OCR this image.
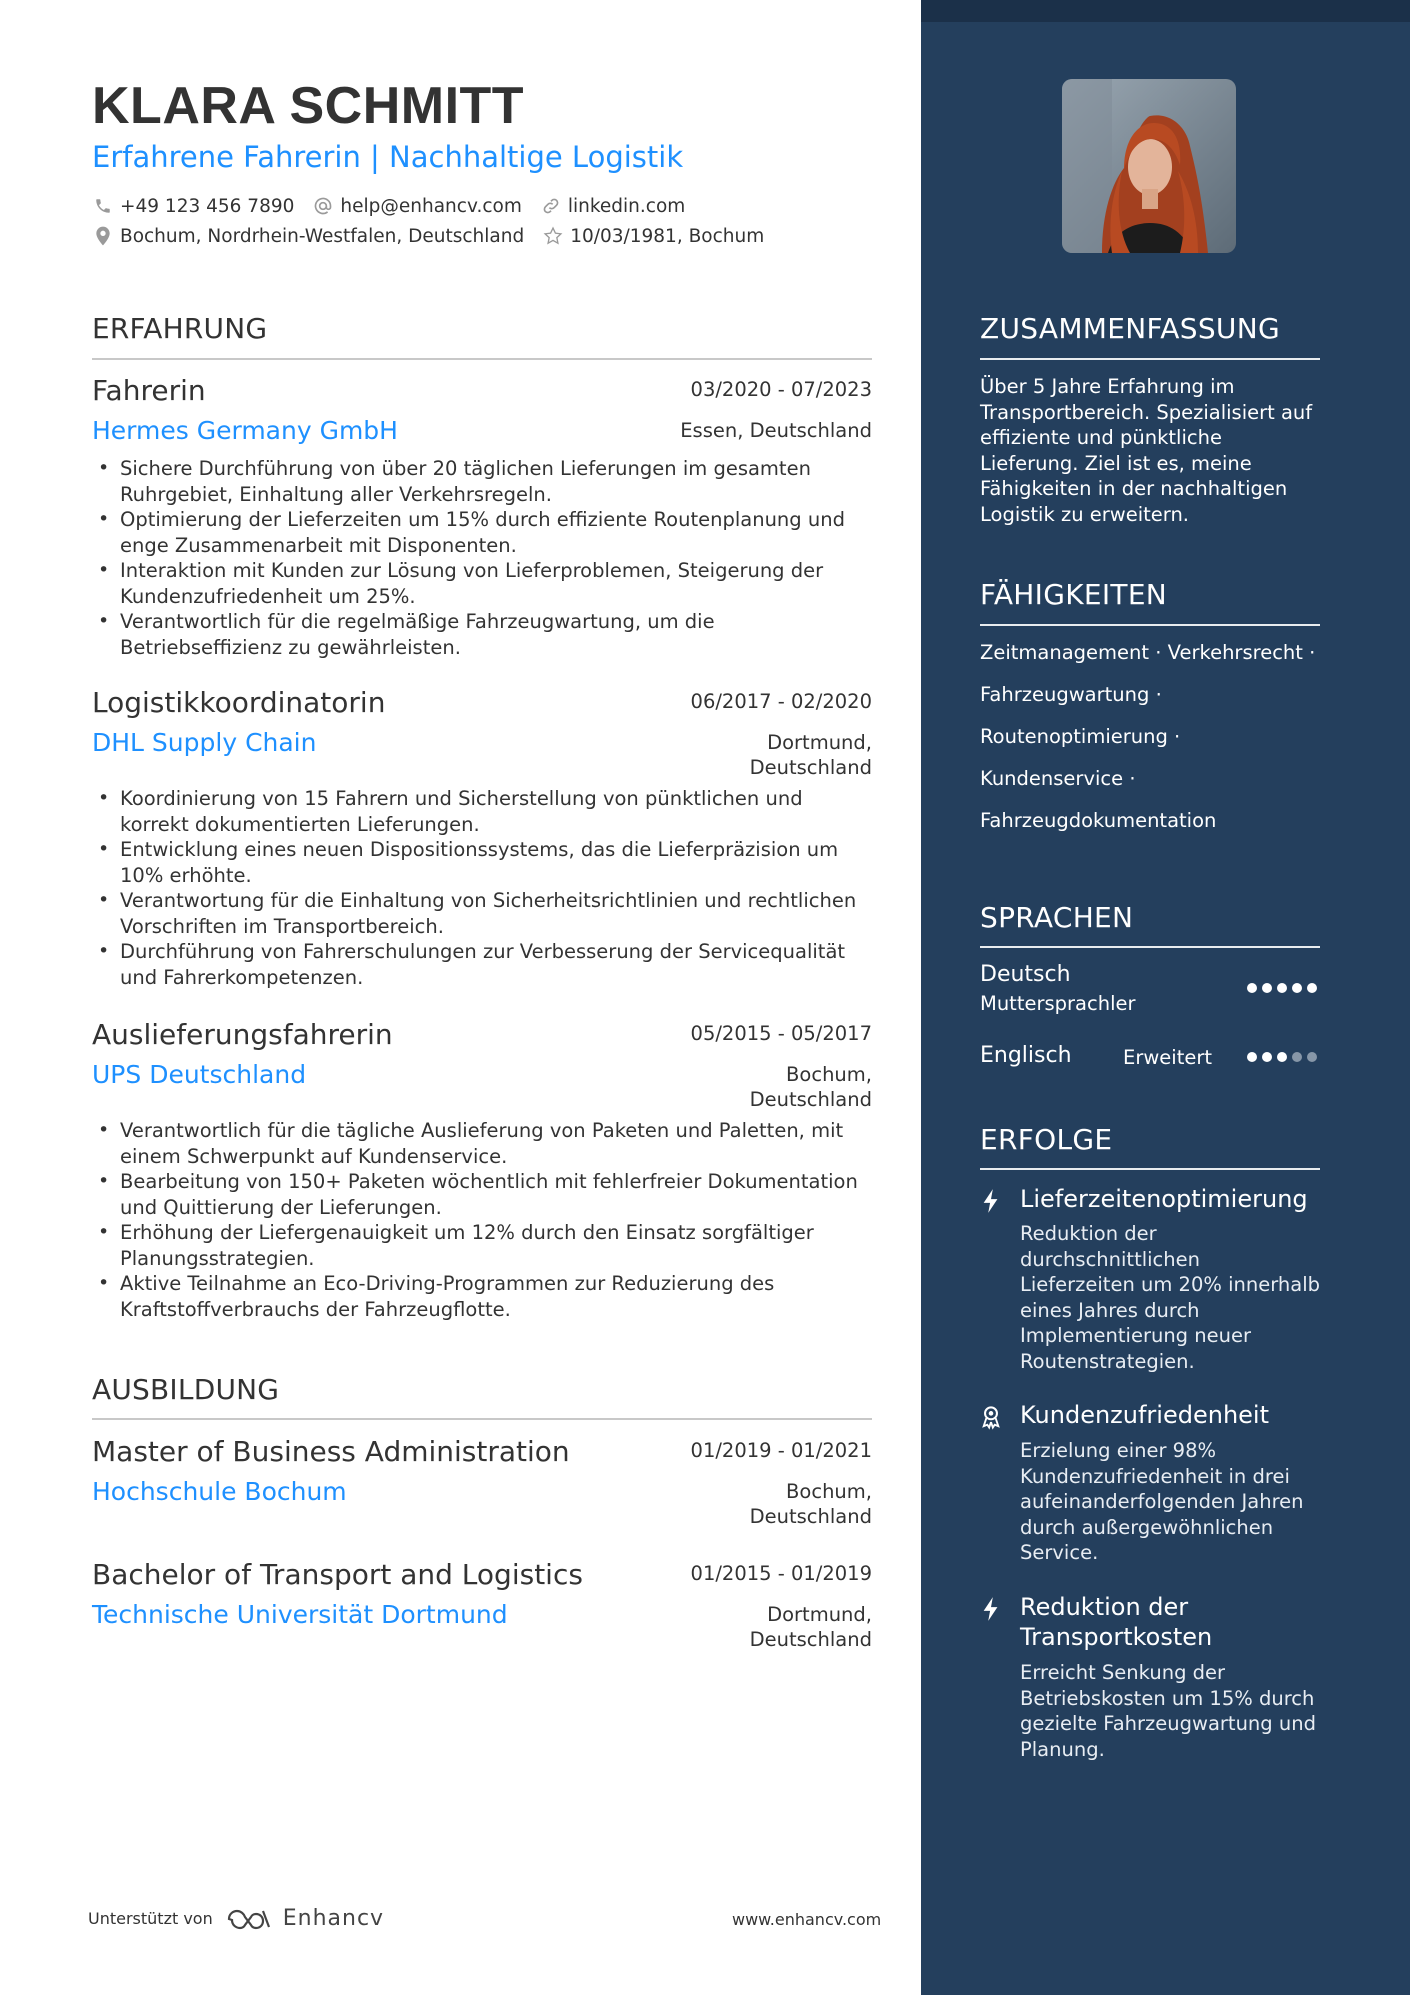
KLARA SCHMITT
Erfahrene Fahrerin | Nachhaltige Logistik
+49 123 456 7890 help@enhancv.com linkedin.com
Bochum, Nordrhein-Westfalen, Deutschland 10/03/1981, Bochum
ERFAHRUNG
Fahrerin	03/2020 - 07/2023
Hermes Germany GmbH	Essen, Deutschland
• Sichere Durchführung von über 20 täglichen Lieferungen im gesamten Ruhrgebiet, Einhaltung aller Verkehrsregeln.
• Optimierung der Lieferzeiten um 15% durch effiziente Routenplanung und enge Zusammenarbeit mit Disponenten.
• Interaktion mit Kunden zur Lösung von Lieferproblemen, Steigerung der Kundenzufriedenheit um 25%.
• Verantwortlich für die regelmäßige Fahrzeugwartung, um die Betriebseffizienz zu gewährleisten.
Logistikkoordinatorin	06/2017 - 02/2020
DHL Supply Chain	Dortmund,
Deutschland
• Koordinierung von 15 Fahrern und Sicherstellung von pünktlichen und korrekt dokumentierten Lieferungen.
• Entwicklung eines neuen Dispositionssystems, das die Lieferpräzision um 10% erhöhte.
• Verantwortung für die Einhaltung von Sicherheitsrichtlinien und rechtlichen Vorschriften im Transportbereich.
• Durchführung von Fahrerschulungen zur Verbesserung der Servicequalität und Fahrerkompetenzen.
Auslieferungsfahrerin	05/2015 - 05/2017
UPS Deutschland	Bochum,
Deutschland
• Verantwortlich für die tägliche Auslieferung von Paketen und Paletten, mit einem Schwerpunkt auf Kundenservice.
• Bearbeitung von 150+ Paketen wöchentlich mit fehlerfreier Dokumentation und Quittierung der Lieferungen.
• Erhöhung der Liefergenauigkeit um 12% durch den Einsatz sorgfältiger Planungsstrategien.
• Aktive Teilnahme an Eco-Driving-Programmen zur Reduzierung des Kraftstoffverbrauchs der Fahrzeugflotte.
AUSBILDUNG
Master of Business Administration	01/2019 - 01/2021
Hochschule Bochum	Bochum,
Deutschland
Bachelor of Transport and Logistics	01/2015 - 01/2019
Technische Universität Dortmund	Dortmund,
Deutschland
Unterstützt von	Enhancv	www.enhancv.com
ZUSAMMENFASSUNG
Über 5 Jahre Erfahrung im Transportbereich. Spezialisiert auf effiziente und pünktliche Lieferung. Ziel ist es, meine Fähigkeiten in der nachhaltigen Logistik zu erweitern.
FÄHIGKEITEN
Zeitmanagement · Verkehrsrecht ·
Fahrzeugwartung ·
Routenoptimierung ·
Kundenservice ·
Fahrzeugdokumentation
SPRACHEN
Deutsch
Muttersprachler
Englisch	Erweitert
ERFOLGE
Lieferzeitenoptimierung
Reduktion der durchschnittlichen Lieferzeiten um 20% innerhalb eines Jahres durch Implementierung neuer Routenstrategien.
Kundenzufriedenheit
Erzielung einer 98% Kundenzufriedenheit in drei aufeinanderfolgenden Jahren durch außergewöhnlichen Service.
Reduktion der Transportkosten
Erreicht Senkung der Betriebskosten um 15% durch gezielte Fahrzeugwartung und Planung.
